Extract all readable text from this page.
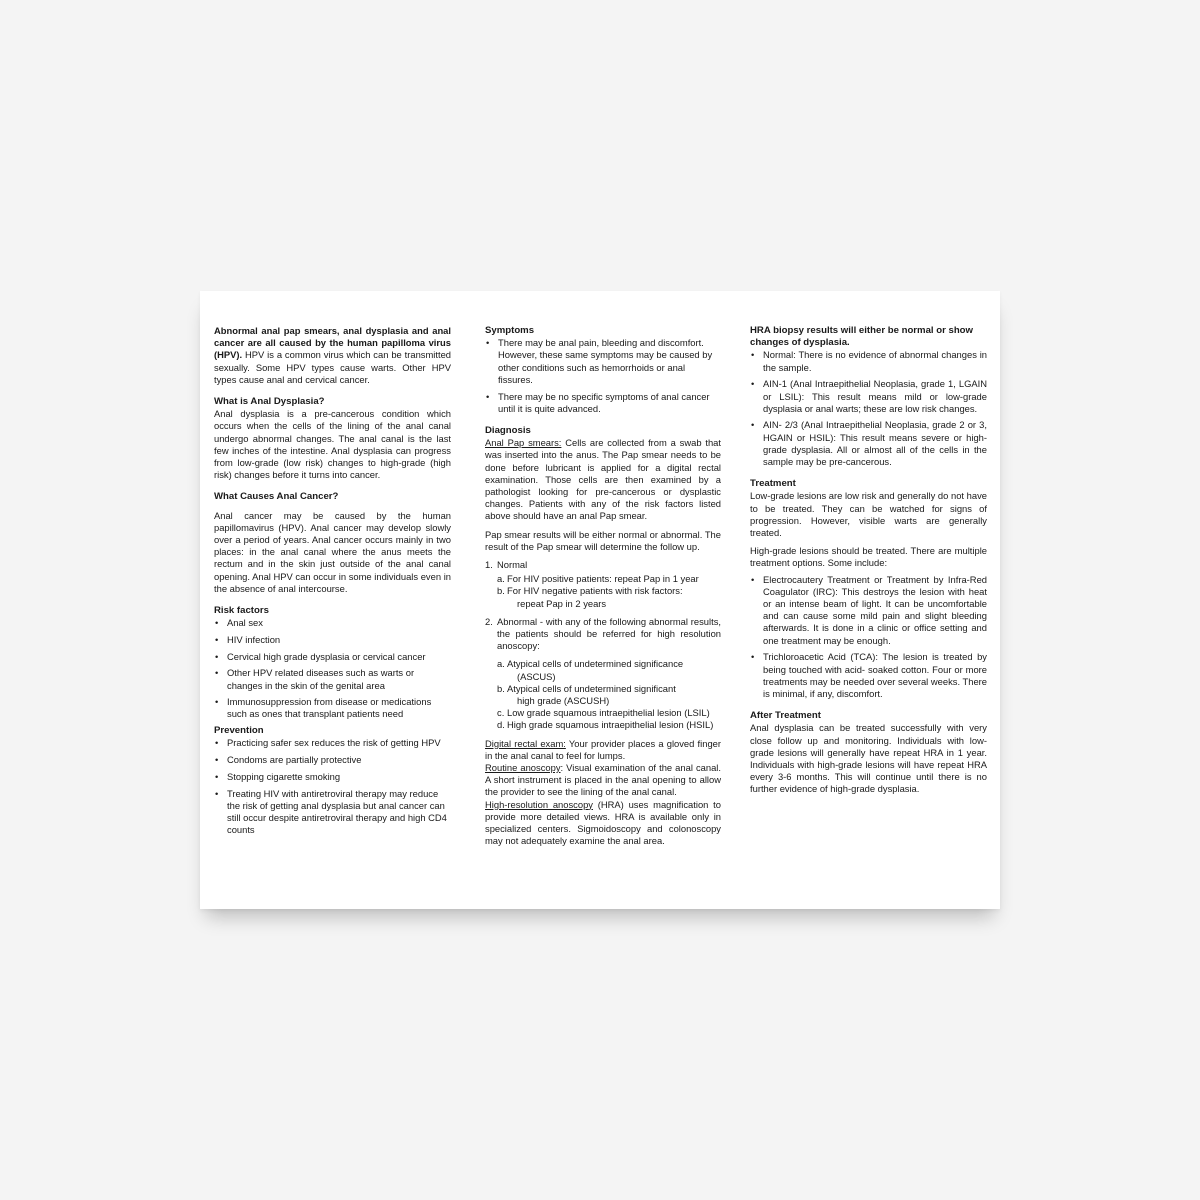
Abnormal anal pap smears, anal dysplasia and anal cancer are all caused by the human papilloma virus (HPV). HPV is a common virus which can be transmitted sexually. Some HPV types cause warts. Other HPV types cause anal and cervical cancer.

What is Anal Dysplasia?

Anal dysplasia is a pre-cancerous condition which occurs when the cells of the lining of the anal canal undergo abnormal changes. The anal canal is the last few inches of the intestine. Anal dysplasia can progress from low-grade (low risk) changes to high-grade (high risk) changes before it turns into cancer.

What Causes Anal Cancer?

Anal cancer may be caused by the human papillomavirus (HPV). Anal cancer may develop slowly over a period of years. Anal cancer occurs mainly in two places: in the anal canal where the anus meets the rectum and in the skin just outside of the anal canal opening. Anal HPV can occur in some individuals even in the absence of anal intercourse.

Risk factors
• Anal sex
• HIV infection
• Cervical high grade dysplasia or cervical cancer
• Other HPV related diseases such as warts or changes in the skin of the genital area
• Immunosuppression from disease or medications such as ones that transplant patients need
Prevention
• Practicing safer sex reduces the risk of getting HPV
• Condoms are partially protective
• Stopping cigarette smoking
• Treating HIV with antiretroviral therapy may reduce the risk of getting anal dysplasia but anal cancer can still occur despite antiretroviral therapy and high CD4 counts
Symptoms
• There may be anal pain, bleeding and discomfort. However, these same symptoms may be caused by other conditions such as hemorrhoids or anal fissures.
• There may be no specific symptoms of anal cancer until it is quite advanced.
Diagnosis

Anal Pap smears: Cells are collected from a swab that was inserted into the anus. The Pap smear needs to be done before lubricant is applied for a digital rectal examination. Those cells are then examined by a pathologist looking for pre-cancerous or dysplastic changes. Patients with any of the risk factors listed above should have an anal Pap smear.

Pap smear results will be either normal or abnormal. The result of the Pap smear will determine the follow up.

1. Normal
a. For HIV positive patients: repeat Pap in 1 year
b. For HIV negative patients with risk factors:
repeat Pap in 2 years
2. Abnormal - with any of the following abnormal results, the patients should be referred for high resolution anoscopy:

a. Atypical cells of undetermined significance
(ASCUS)
b. Atypical cells of undetermined significant
high grade (ASCUSH)
c. Low grade squamous intraepithelial lesion (LSIL)
d. High grade squamous intraepithelial lesion (HSIL)

Digital rectal exam: Your provider places a gloved finger in the anal canal to feel for lumps.

Routine anoscopy: Visual examination of the anal canal. A short instrument is placed in the anal opening to allow the provider to see the lining of the anal canal.

High-resolution anoscopy (HRA) uses magnification to provide more detailed views. HRA is available only in specialized centers. Sigmoidoscopy and colonoscopy may not adequately examine the anal area.

HRA biopsy results will either be normal or show changes of dysplasia.
• Normal: There is no evidence of abnormal changes in the sample.
• AIN-1 (Anal Intraepithelial Neoplasia, grade 1, LGAIN or LSIL): This result means mild or low-grade dysplasia or anal warts; these are low risk changes.
• AIN- 2/3 (Anal Intraepithelial Neoplasia, grade 2 or 3, HGAIN or HSIL): This result means severe or high-grade dysplasia. All or almost all of the cells in the sample may be pre-cancerous.
Treatment

Low-grade lesions are low risk and generally do not have to be treated. They can be watched for signs of progression. However, visible warts are generally treated.

High-grade lesions should be treated. There are multiple treatment options. Some include:

• Electrocautery Treatment or Treatment by Infra-Red Coagulator (IRC): This destroys the lesion with heat or an intense beam of light. It can be uncomfortable and can cause some mild pain and slight bleeding afterwards. It is done in a clinic or office setting and one treatment may be enough.
• Trichloroacetic Acid (TCA): The lesion is treated by being touched with acid- soaked cotton. Four or more treatments may be needed over several weeks. There is minimal, if any, discomfort.
After Treatment

Anal dysplasia can be treated successfully with very close follow up and monitoring. Individuals with low-grade lesions will generally have repeat HRA in 1 year. Individuals with high-grade lesions will have repeat HRA every 3-6 months. This will continue until there is no further evidence of high-grade dysplasia.
